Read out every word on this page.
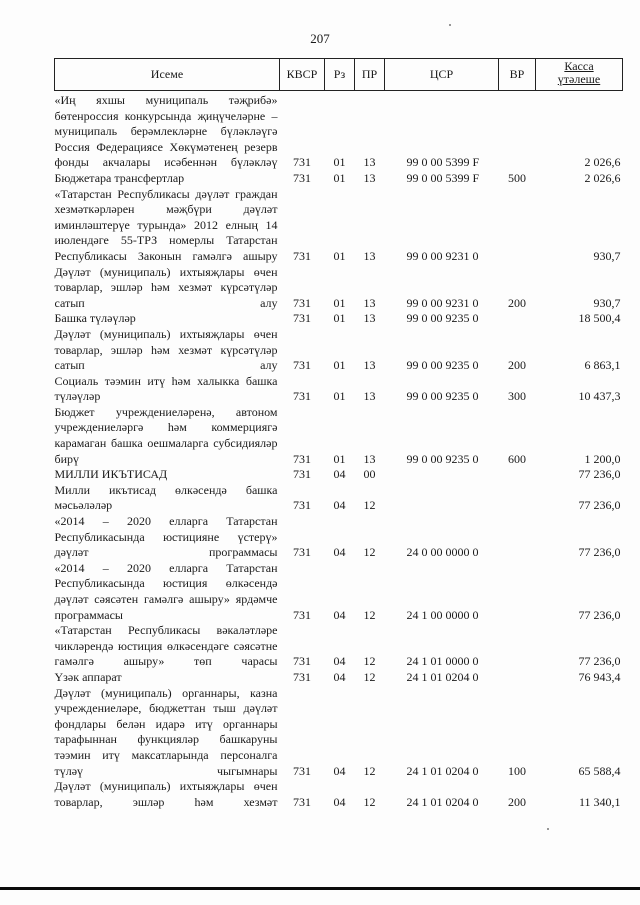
207
Исеме	КВСР	Рз	ПР	ЦСР	ВР	Касса
үтәлеше
«Иң яхшы муниципаль тәҗрибә» бөтенроссия конкурсында җиңүчеләрне – муниципаль берәмлекләрне бүләкләүгә Россия Федерациясе Хөкүмәтенең резерв фонды акчалары исәбеннән бүләкләү	731	01	13	99 0 00 5399 F		2 026,6
Бюджетара трансфертлар	731	01	13	99 0 00 5399 F	500	2 026,6
«Татарстан Республикасы дәүләт граждан хезмәткәрләрен мәҗбүри дәүләт иминләштерүе турында» 2012 елның 14 июлендәге 55-ТРЗ номерлы Татарстан Республикасы Законын гамәлгә ашыру	731	01	13	99 0 00 9231 0		930,7
Дәүләт (муниципаль) ихтыяҗлары өчен товарлар, эшләр һәм хезмәт күрсәтүләр сатып алу	731	01	13	99 0 00 9231 0	200	930,7
Башка түләүләр	731	01	13	99 0 00 9235 0		18 500,4
Дәүләт (муниципаль) ихтыяҗлары өчен товарлар, эшләр һәм хезмәт күрсәтүләр сатып алу	731	01	13	99 0 00 9235 0	200	6 863,1
Социаль тәэмин итү һәм халыкка башка түләүләр	731	01	13	99 0 00 9235 0	300	10 437,3
Бюджет учреждениеләренә, автоном учреждениеләргә һәм коммерциягә карамаган башка оешмаларга субсидияләр бирү	731	01	13	99 0 00 9235 0	600	1 200,0
МИЛЛИ ИКЪТИСАД	731	04	00			77 236,0
Милли икътисад өлкәсендә башка мәсьәләләр	731	04	12			77 236,0
«2014 – 2020 елларга Татарстан Республикасында юстицияне үстерү» дәүләт программасы	731	04	12	24 0 00 0000 0		77 236,0
«2014 – 2020 елларга Татарстан Республикасында юстиция өлкәсендә дәүләт сәясәтен гамәлгә ашыру» ярдәмче программасы	731	04	12	24 1 00 0000 0		77 236,0
«Татарстан Республикасы вәкаләтләре чикләрендә юстиция өлкәсендәге сәясәтне гамәлгә ашыру» төп чарасы	731	04	12	24 1 01 0000 0		77 236,0
Үзәк аппарат	731	04	12	24 1 01 0204 0		76 943,4
Дәүләт (муниципаль) органнары, казна учреждениеләре, бюджеттан тыш дәүләт фондлары белән идарә итү органнары тарафыннан функцияләр башкаруны тәэмин итү максатларында персоналга түләү чыгымнары	731	04	12	24 1 01 0204 0	100	65 588,4
Дәүләт (муниципаль) ихтыяҗлары өчен товарлар, эшләр һәм хезмәт	731	04	12	24 1 01 0204 0	200	11 340,1
